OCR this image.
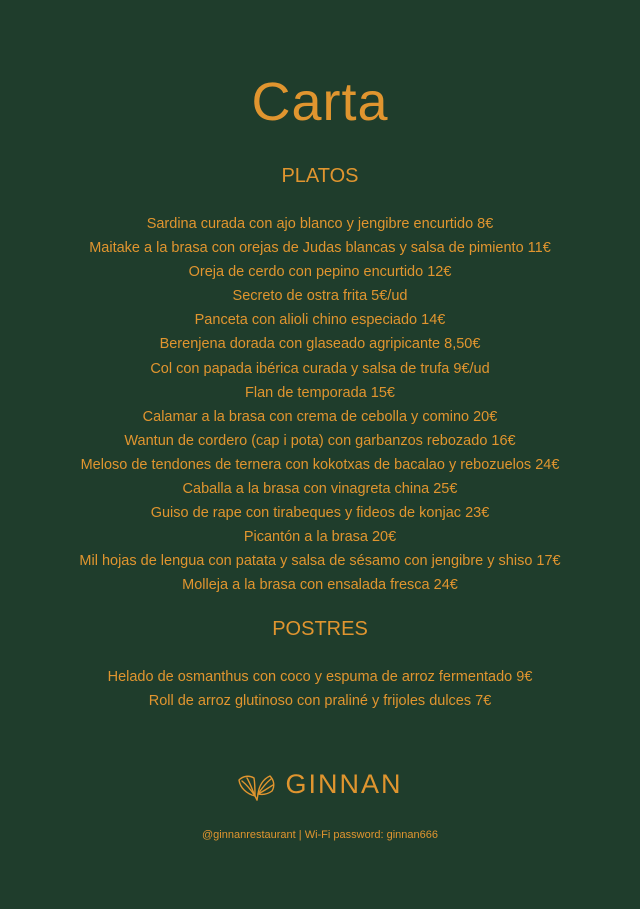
Carta
PLATOS
Sardina curada con ajo blanco y jengibre encurtido 8€
Maitake a la brasa con orejas de Judas blancas y salsa de pimiento 11€
Oreja de cerdo con pepino encurtido 12€
Secreto de ostra frita 5€/ud
Panceta con alioli chino especiado 14€
Berenjena dorada con glaseado agripicante 8,50€
Col con papada ibérica curada y salsa de trufa 9€/ud
Flan de temporada 15€
Calamar a la brasa con crema de cebolla y comino 20€
Wantun de cordero (cap i pota) con garbanzos rebozado 16€
Meloso de tendones de ternera con kokotxas de bacalao y rebozuelos 24€
Caballa a la brasa con vinagreta china 25€
Guiso de rape con tirabeques y fideos de konjac 23€
Picantón a la brasa 20€
Mil hojas de lengua con patata y salsa de sésamo con jengibre y shiso 17€
Molleja a la brasa con ensalada fresca 24€
POSTRES
Helado de osmanthus con coco y espuma de arroz fermentado 9€
Roll de arroz glutinoso con praliné y frijoles dulces 7€
GINNAN
@ginnanrestaurant | Wi-Fi password: ginnan666
